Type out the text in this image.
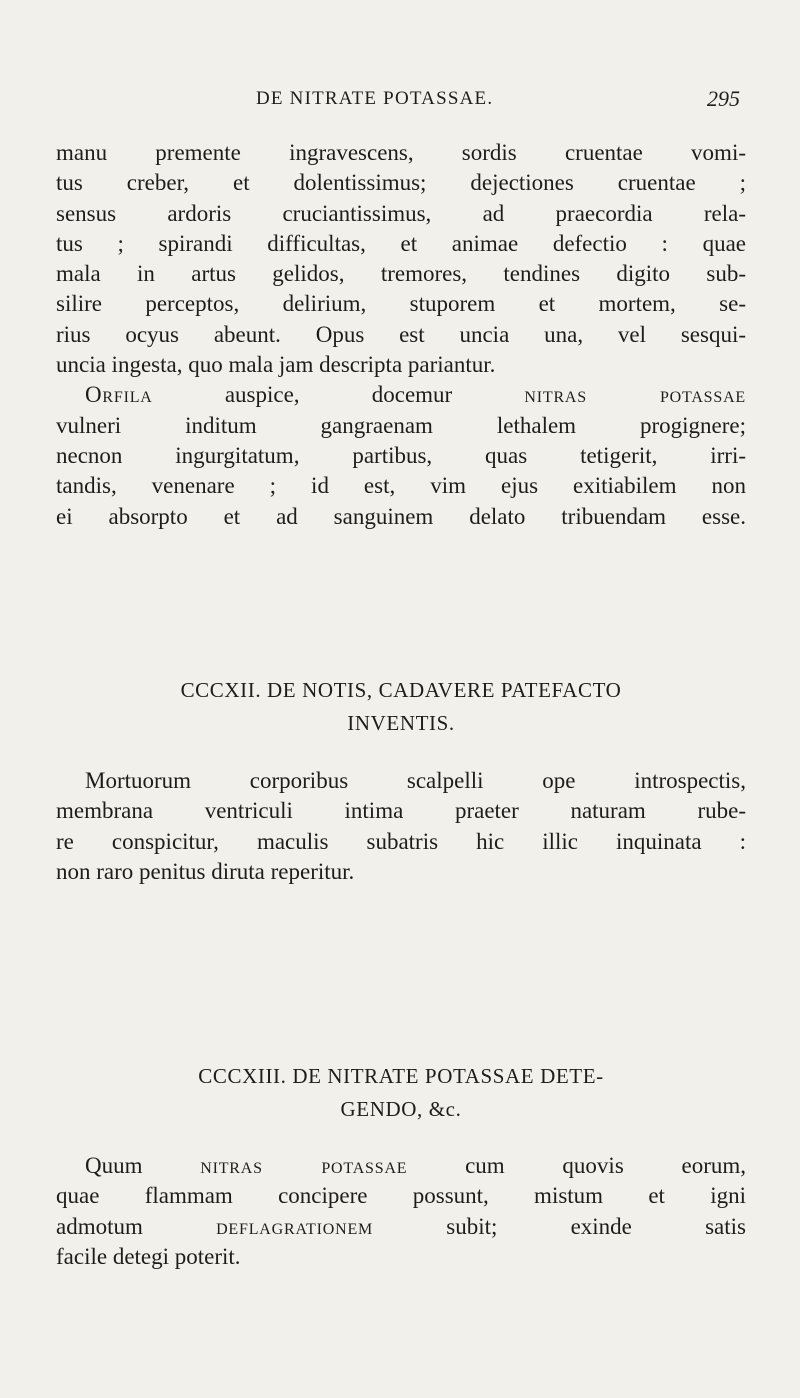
DE NITRATE POTASSAE.	295

manu premente ingravescens, sordis cruentae vomi-
tus creber, et dolentissimus; dejectiones cruentae ;
sensus ardoris cruciantissimus, ad praecordia rela-
tus ; spirandi difficultas, et animae defectio : quae
mala in artus gelidos, tremores, tendines digito sub-
silire perceptos, delirium, stuporem et mortem, se-
rius ocyus abeunt. Opus est uncia una, vel sesqui-
uncia ingesta, quo mala jam descripta pariantur.

Orfila auspice, docemur nitras potassae
vulneri inditum gangraenam lethalem progignere;
necnon ingurgitatum, partibus, quas tetigerit, irri-
tandis, venenare ; id est, vim ejus exitiabilem non
ei absorpto et ad sanguinem delato tribuendam esse.

CCCXII. DE NOTIS, CADAVERE PATEFACTO
INVENTIS.

Mortuorum corporibus scalpelli ope introspectis,
membrana ventriculi intima praeter naturam rube-
re conspicitur, maculis subatris hic illic inquinata :
non raro penitus diruta reperitur.

CCCXIII. DE NITRATE POTASSAE DETE-
GENDO, &c.

Quum nitras potassae cum quovis eorum,
quae flammam concipere possunt, mistum et igni
admotum deflagrationem subit; exinde satis
facile detegi poterit.
